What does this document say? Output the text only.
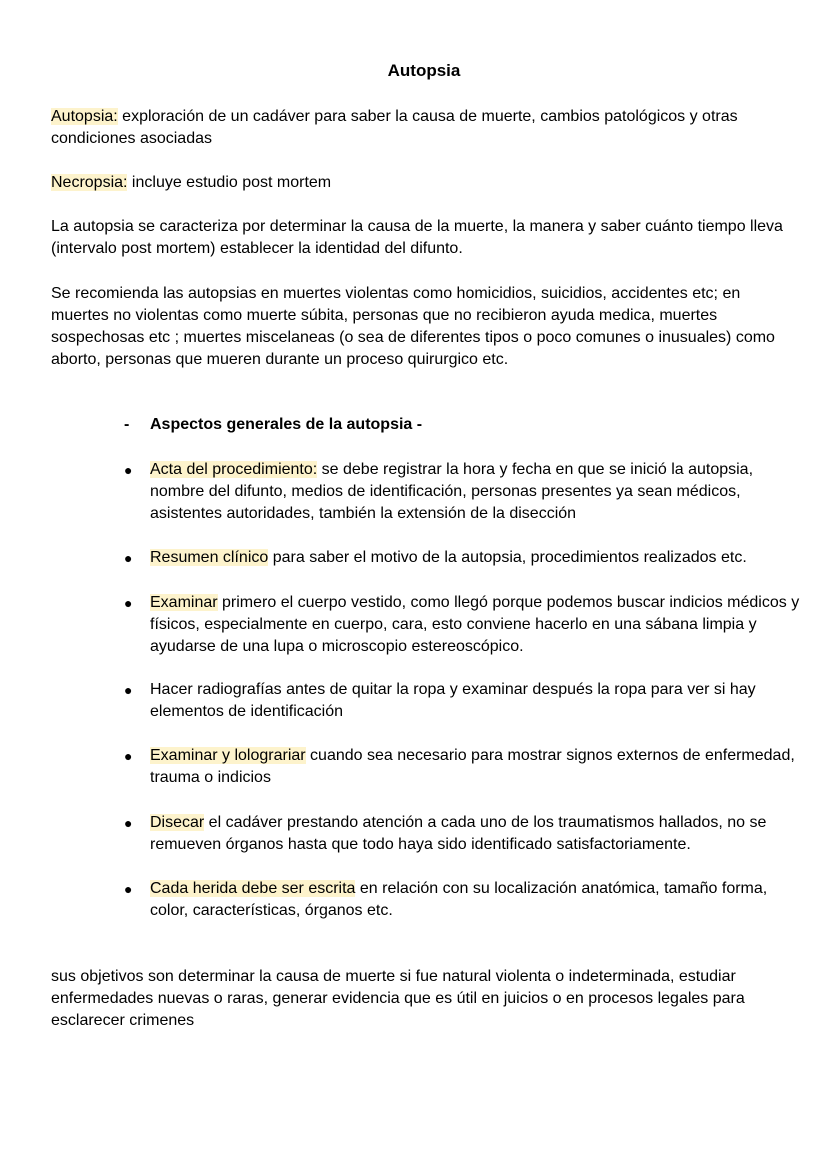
Autopsia

Autopsia: exploración de un cadáver para saber la causa de muerte, cambios patológicos y otras condiciones asociadas

Necropsia: incluye estudio post mortem

La autopsia se caracteriza por determinar la causa de la muerte, la manera y saber cuánto tiempo lleva (intervalo post mortem) establecer la identidad del difunto.

Se recomienda las autopsias en muertes violentas como homicidios, suicidios, accidentes etc; en muertes no violentas como muerte súbita, personas que no recibieron ayuda medica, muertes sospechosas etc ; muertes miscelaneas (o sea de diferentes tipos o poco comunes o inusuales) como aborto, personas que mueren durante un proceso quirurgico etc.

- Aspectos generales de la autopsia -

●	Acta del procedimiento: se debe registrar la hora y fecha en que se inició la autopsia, nombre del difunto, medios de identificación, personas presentes ya sean médicos, asistentes autoridades, también la extensión de la disección
●	Resumen clínico para saber el motivo de la autopsia, procedimientos realizados etc.
●	Examinar primero el cuerpo vestido, como llegó porque podemos buscar indicios médicos y físicos, especialmente en cuerpo, cara, esto conviene hacerlo en una sábana limpia y ayudarse de una lupa o microscopio estereoscópico.
●	Hacer radiografías antes de quitar la ropa y examinar después la ropa para ver si hay elementos de identificación
●	Examinar y lolograriar cuando sea necesario para mostrar signos externos de enfermedad, trauma o indicios
●	Disecar el cadáver prestando atención a cada uno de los traumatismos hallados, no se remueven órganos hasta que todo haya sido identificado satisfactoriamente.
●	Cada herida debe ser escrita en relación con su localización anatómica, tamaño forma, color, características, órganos etc.

sus objetivos son determinar la causa de muerte si fue natural violenta o indeterminada, estudiar enfermedades nuevas o raras, generar evidencia que es útil en juicios o en procesos legales para esclarecer crimenes
